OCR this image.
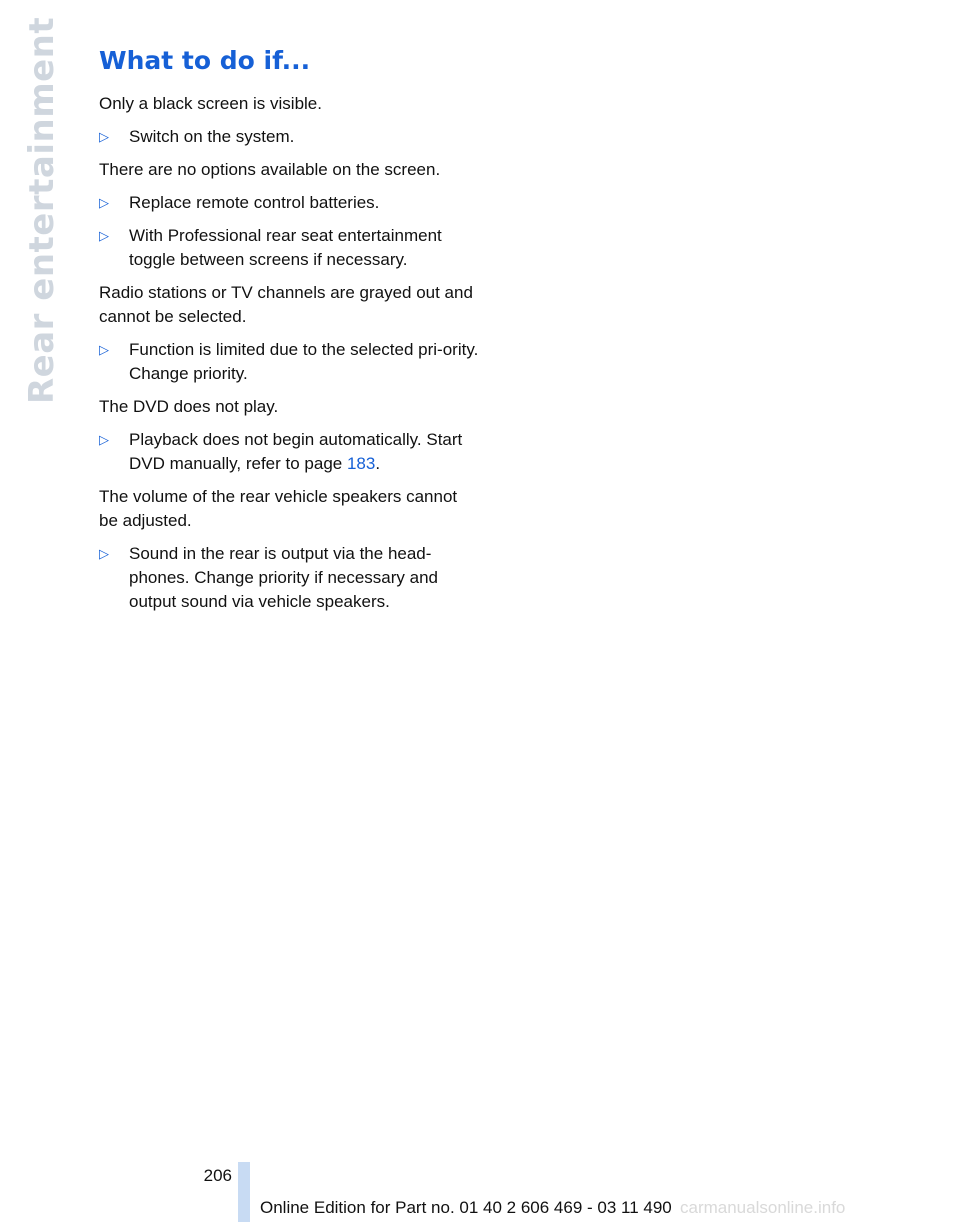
Rear entertainment What to do if...

Only a black screen is visible.

▷	Switch on the system.

There are no options available on the screen.

▷	Replace remote control batteries.
▷	With Professional rear seat entertainment toggle between screens if necessary.

Radio stations or TV channels are grayed out and cannot be selected.

▷	Function is limited due to the selected pri-ority. Change priority.

The DVD does not play.

▷	Playback does not begin automatically. Start DVD manually, refer to page 183.

The volume of the rear vehicle speakers cannot be adjusted.

▷	Sound in the rear is output via the head-phones. Change priority if necessary and output sound via vehicle speakers.
206
Online Edition for Part no. 01 40 2 606 469 - 03 11 490 carmanualsonline.info
